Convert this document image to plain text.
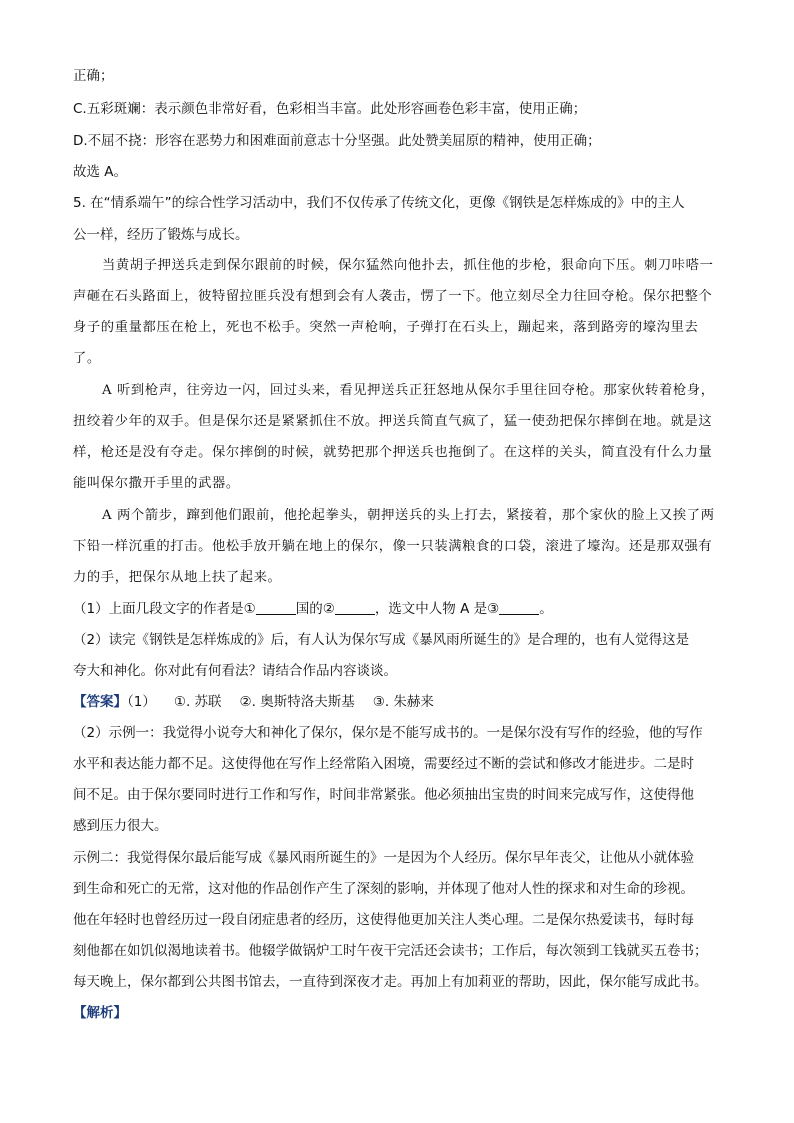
正确；
C.五彩斑斓：表示颜色非常好看，色彩相当丰富。此处形容画卷色彩丰富，使用正确；
D.不屈不挠：形容在恶势力和困难面前意志十分坚强。此处赞美屈原的精神，使用正确；
故选 A。
5. 在“情系端午”的综合性学习活动中，我们不仅传承了传统文化，更像《钢铁是怎样炼成的》中的主人
公一样，经历了锻炼与成长。
当黄胡子押送兵走到保尔跟前的时候，保尔猛然向他扑去，抓住他的步枪，狠命向下压。刺刀咔嗒一
声砸在石头路面上，彼特留拉匪兵没有想到会有人袭击，愣了一下。他立刻尽全力往回夺枪。保尔把整个
身子的重量都压在枪上，死也不松手。突然一声枪响，子弹打在石头上，蹦起来，落到路旁的壕沟里去
了。
A 听到枪声，往旁边一闪，回过头来，看见押送兵正狂怒地从保尔手里往回夺枪。那家伙转着枪身，
扭绞着少年的双手。但是保尔还是紧紧抓住不放。押送兵简直气疯了，猛一使劲把保尔摔倒在地。就是这
样，枪还是没有夺走。保尔摔倒的时候，就势把那个押送兵也拖倒了。在这样的关头，简直没有什么力量
能叫保尔撒开手里的武器。
A 两个箭步，蹿到他们跟前，他抡起拳头，朝押送兵的头上打去，紧接着，那个家伙的脸上又挨了两
下铅一样沉重的打击。他松手放开躺在地上的保尔，像一只装满粮食的口袋，滚进了壕沟。还是那双强有
力的手，把保尔从地上扶了起来。
（1）上面几段文字的作者是①	国的②	，选文中人物 A 是③	。
（2）读完《钢铁是怎样炼成的》后，有人认为保尔写成《暴风雨所诞生的》是合理的，也有人觉得这是
夸大和神化。你对此有何看法？请结合作品内容谈谈。
【答案】（1） ①. 苏联 ②. 奥斯特洛夫斯基 ③. 朱赫来
（2）示例一：我觉得小说夸大和神化了保尔，保尔是不能写成书的。一是保尔没有写作的经验，他的写作
水平和表达能力都不足。这使得他在写作上经常陷入困境，需要经过不断的尝试和修改才能进步。二是时
间不足。由于保尔要同时进行工作和写作，时间非常紧张。他必须抽出宝贵的时间来完成写作，这使得他
感到压力很大。
示例二：我觉得保尔最后能写成《暴风雨所诞生的》一是因为个人经历。保尔早年丧父，让他从小就体验
到生命和死亡的无常，这对他的作品创作产生了深刻的影响，并体现了他对人性的探求和对生命的珍视。
他在年轻时也曾经历过一段自闭症患者的经历，这使得他更加关注人类心理。二是保尔热爱读书，每时每
刻他都在如饥似渴地读着书。他辍学做锅炉工时午夜干完活还会读书；工作后，每次领到工钱就买五卷书；
每天晚上，保尔都到公共图书馆去，一直待到深夜才走。再加上有加莉亚的帮助，因此，保尔能写成此书。
【解析】
